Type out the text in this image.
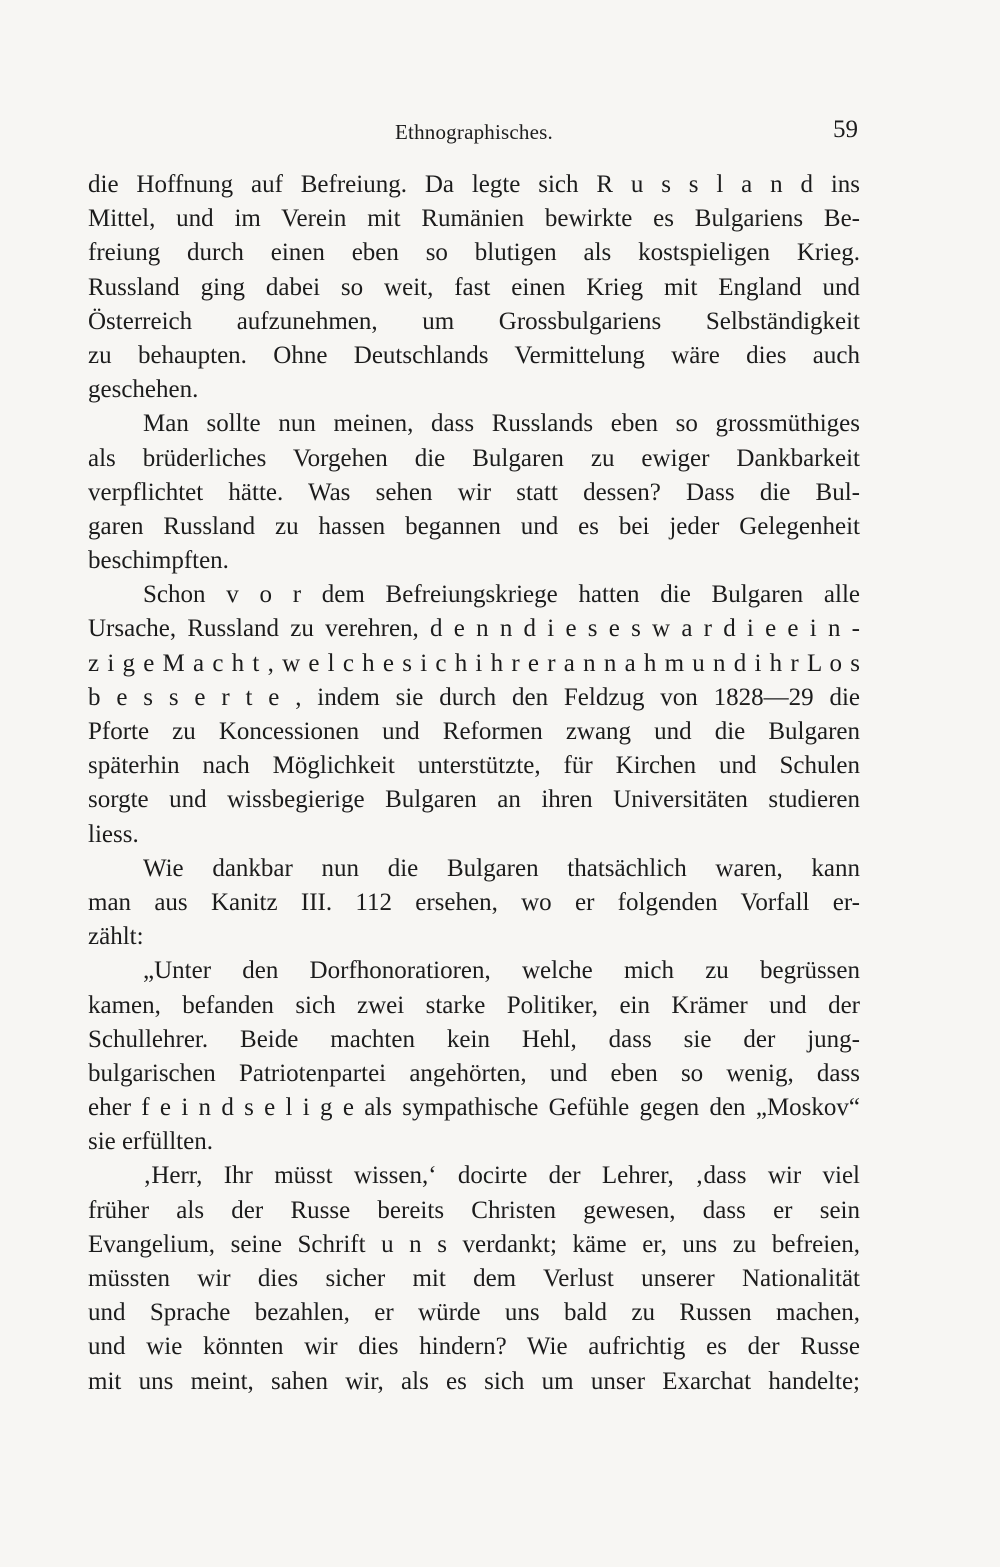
Ethnographisches.	59
die Hoffnung auf Befreiung. Da legte sich R u s s l a n d ins
Mittel, und im Verein mit Rumänien bewirkte es Bulgariens Be-
freiung durch einen eben so blutigen als kostspieligen Krieg.
Russland ging dabei so weit, fast einen Krieg mit England und
Österreich aufzunehmen, um Grossbulgariens Selbständigkeit
zu behaupten. Ohne Deutschlands Vermittelung wäre dies auch
geschehen.
Man sollte nun meinen, dass Russlands eben so grossmüthiges
als brüderliches Vorgehen die Bulgaren zu ewiger Dankbarkeit
verpflichtet hätte. Was sehen wir statt dessen? Dass die Bul-
garen Russland zu hassen begannen und es bei jeder Gelegenheit
beschimpften.
Schon v o r dem Befreiungskriege hatten die Bulgaren alle
Ursache, Russland zu verehren, d e n n d i e s e s w a r d i e e i n -
z i g e M a c h t , w e l c h e s i c h i h r e r a n n a h m u n d i h r L o s
b e s s e r t e , indem sie durch den Feldzug von 1828—29 die
Pforte zu Koncessionen und Reformen zwang und die Bulgaren
späterhin nach Möglichkeit unterstützte, für Kirchen und Schulen
sorgte und wissbegierige Bulgaren an ihren Universitäten studieren
liess.
Wie dankbar nun die Bulgaren thatsächlich waren, kann
man aus Kanitz III. 112 ersehen, wo er folgenden Vorfall er-
zählt:
„Unter den Dorfhonoratioren, welche mich zu begrüssen
kamen, befanden sich zwei starke Politiker, ein Krämer und der
Schullehrer. Beide machten kein Hehl, dass sie der jung-
bulgarischen Patriotenpartei angehörten, und eben so wenig, dass
eher f e i n d s e l i g e als sympathische Gefühle gegen den „Moskov“
sie erfüllten.
‚Herr, Ihr müsst wissen,‘ docirte der Lehrer, ‚dass wir viel
früher als der Russe bereits Christen gewesen, dass er sein
Evangelium, seine Schrift u n s verdankt; käme er, uns zu befreien,
müssten wir dies sicher mit dem Verlust unserer Nationalität
und Sprache bezahlen, er würde uns bald zu Russen machen,
und wie könnten wir dies hindern? Wie aufrichtig es der Russe
mit uns meint, sahen wir, als es sich um unser Exarchat handelte;
